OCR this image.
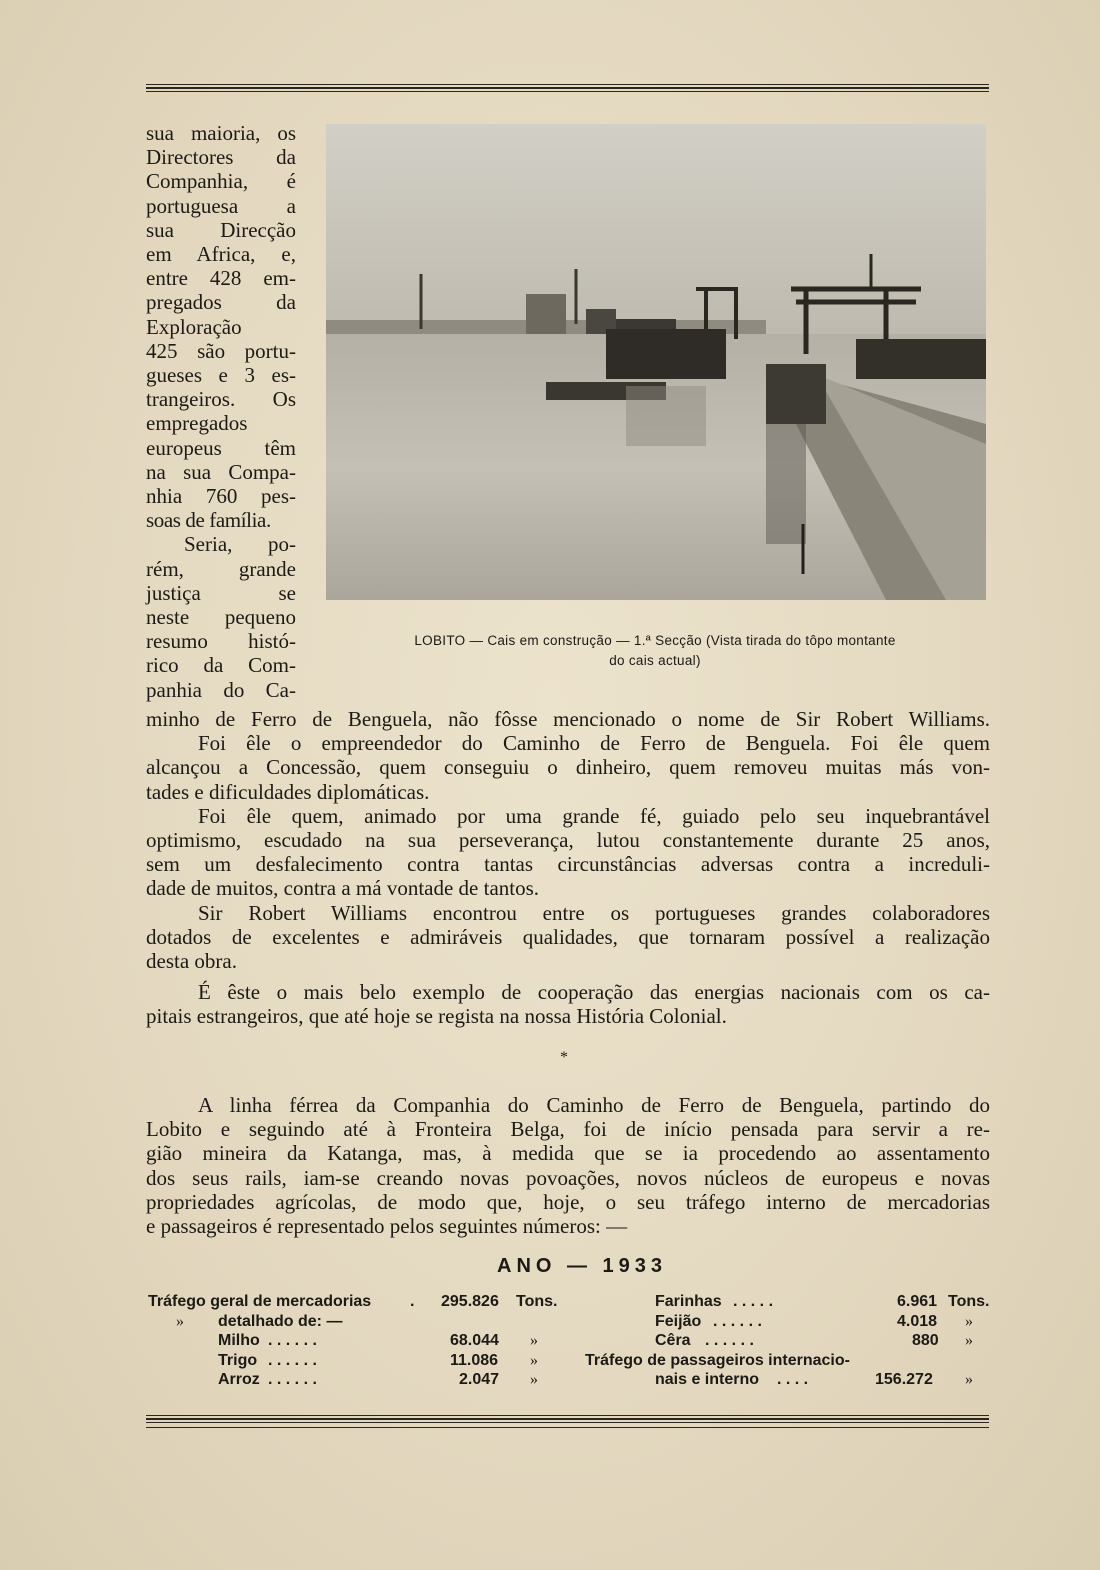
LOBITO — Cais em construção — 1.ª Secção (Vista tirada do tôpo montante
do cais actual)
sua maioria, os
Directores da
Companhia, é
portuguesa a
sua Direcção
em Africa, e,
entre 428 em-
pregados da
Exploração
425 são portu-
gueses e 3 es-
trangeiros. Os
empregados
europeus têm
na sua Compa-
nhia 760 pes-
soas de família.
Seria, po-
rém, grande
justiça se
neste pequeno
resumo histó-
rico da Com-
panhia do Ca-
minho de Ferro de Benguela, não fôsse mencionado o nome de Sir Robert Williams.
Foi êle o empreendedor do Caminho de Ferro de Benguela. Foi êle quem
alcançou a Concessão, quem conseguiu o dinheiro, quem removeu muitas más von-
tades e dificuldades diplomáticas.
Foi êle quem, animado por uma grande fé, guiado pelo seu inquebrantável
optimismo, escudado na sua perseverança, lutou constantemente durante 25 anos,
sem um desfalecimento contra tantas circunstâncias adversas contra a increduli-
dade de muitos, contra a má vontade de tantos.
Sir Robert Williams encontrou entre os portugueses grandes colaboradores
dotados de excelentes e admiráveis qualidades, que tornaram possível a realização
desta obra.
É êste o mais belo exemplo de cooperação das energias nacionais com os ca-
pitais estrangeiros, que até hoje se regista na nossa História Colonial.
*
A linha férrea da Companhia do Caminho de Ferro de Benguela, partindo do
Lobito e seguindo até à Fronteira Belga, foi de início pensada para servir a re-
gião mineira da Katanga, mas, à medida que se ia procedendo ao assentamento
dos seus rails, iam-se creando novas povoações, novos núcleos de europeus e novas
propriedades agrícolas, de modo que, hoje, o seu tráfego interno de mercadorias
e passageiros é representado pelos seguintes números: —
ANO — 1933
Tráfego geral de mercadorias . 295.826 Tons.
» detalhado de: —
Milho . . . . . .	68.044 »
Trigo . . . . . .	11.086 »
Arroz . . . . . .	2.047 »
Farinhas . . . . .	6.961 Tons.
Feijão . . . . . .	4.018 »
Cêra . . . . . .	880 »
Tráfego de passageiros internacio-
nais e interno . . . .	156.272 »
